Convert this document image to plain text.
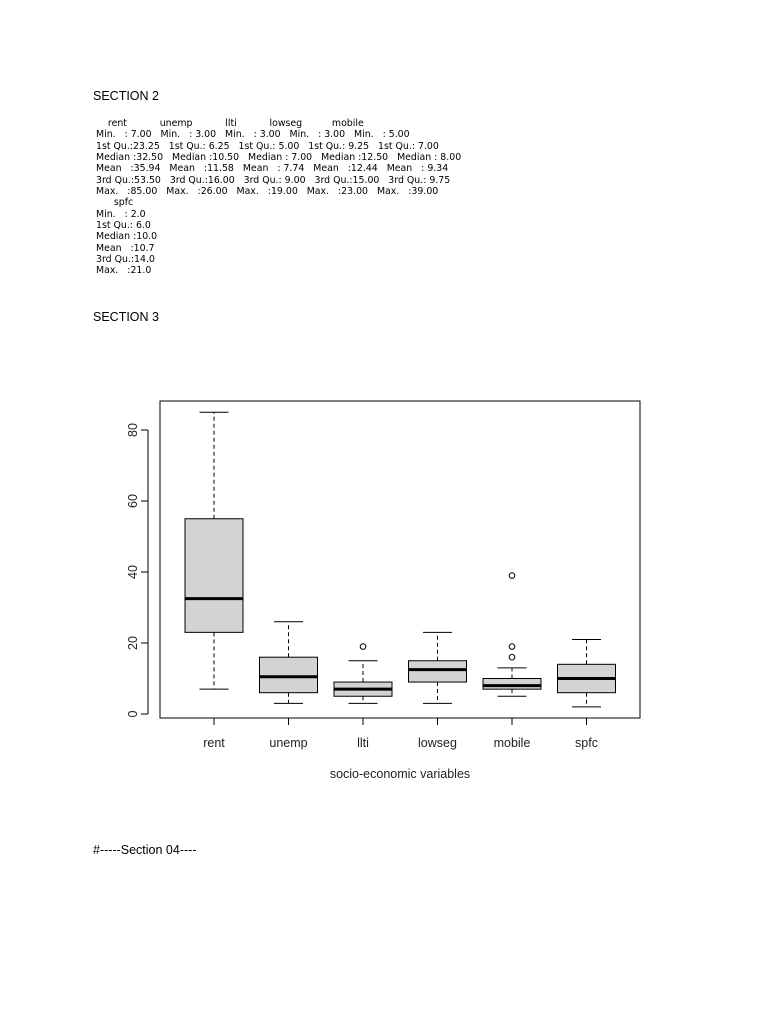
SECTION 2
rent           unemp           llti           lowseg          mobile
Min.   : 7.00   Min.   : 3.00   Min.   : 3.00   Min.   : 3.00   Min.   : 5.00
1st Qu.:23.25   1st Qu.: 6.25   1st Qu.: 5.00   1st Qu.: 9.25   1st Qu.: 7.00
Median :32.50   Median :10.50   Median : 7.00   Median :12.50   Median : 8.00
Mean   :35.94   Mean   :11.58   Mean   : 7.74   Mean   :12.44   Mean   : 9.34
3rd Qu.:53.50   3rd Qu.:16.00   3rd Qu.: 9.00   3rd Qu.:15.00   3rd Qu.: 9.75
Max.   :85.00   Max.   :26.00   Max.   :19.00   Max.   :23.00   Max.   :39.00
spfc
Min.   : 2.0
1st Qu.: 6.0
Median :10.0
Mean   :10.7
3rd Qu.:14.0
Max.   :21.0
SECTION 3
0
20
40
60
80
rent	unemp	llti	lowseg	mobile	spfc
socio-economic variables
#-----Section 04----
